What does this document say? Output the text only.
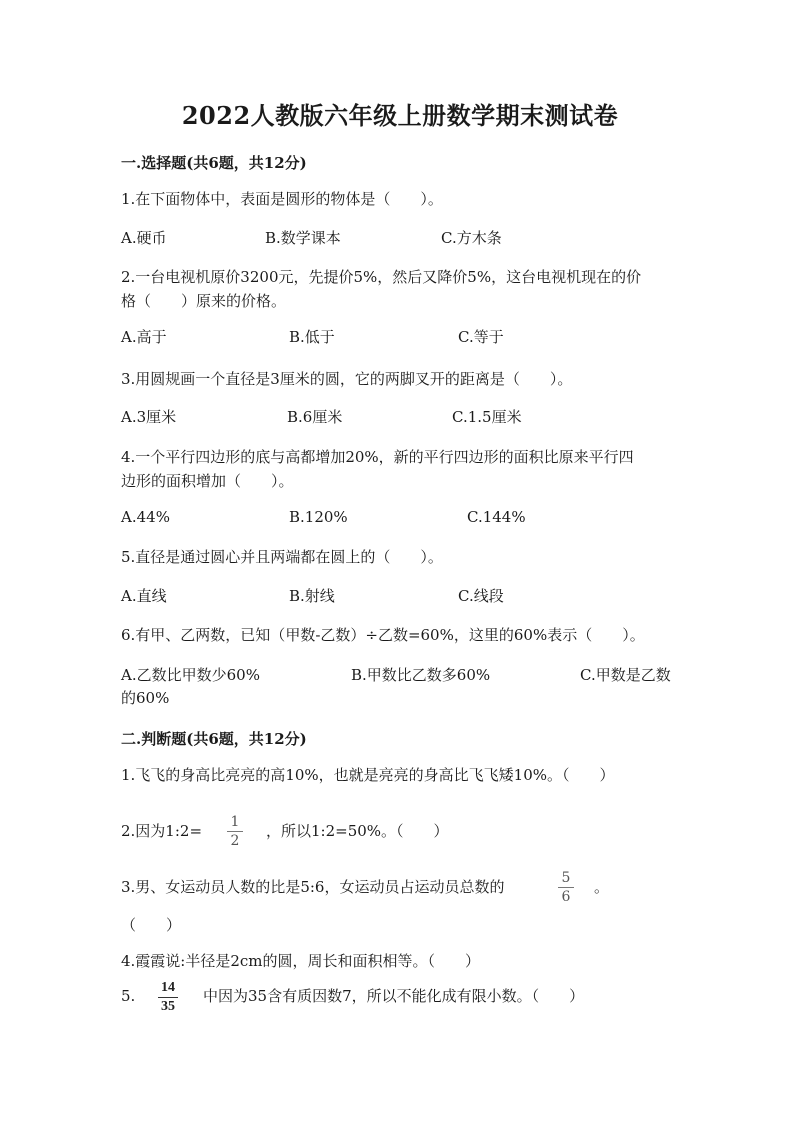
2022人教版六年级上册数学期末测试卷
一.选择题(共6题，共12分)
1.在下面物体中，表面是圆形的物体是（　　）。
A.硬币	B.数学课本	C.方木条
2.一台电视机原价3200元，先提价5%，然后又降价5%，这台电视机现在的价
格（　　）原来的价格。
A.高于	B.低于	C.等于
3.用圆规画一个直径是3厘米的圆，它的两脚叉开的距离是（　　）。
A.3厘米	B.6厘米	C.1.5厘米
4.一个平行四边形的底与高都增加20%，新的平行四边形的面积比原来平行四
边形的面积增加（　　）。
A.44%	B.120%	C.144%
5.直径是通过圆心并且两端都在圆上的（　　）。
A.直线	B.射线	C.线段
6.有甲、乙两数，已知（甲数-乙数）÷乙数=60%，这里的60%表示（　　）。
A.乙数比甲数少60%	B.甲数比乙数多60%	C.甲数是乙数
的60%
二.判断题(共6题，共12分)
1.飞飞的身高比亮亮的高10%，也就是亮亮的身高比飞飞矮10%。（　　）
2.因为1:2= 1
2
，所以1:2=50%。（　　）
3.男、女运动员人数的比是5:6，女运动员占运动员总数的	5
6
。
（　　）
4.霞霞说:半径是2cm的圆，周长和面积相等。（　　）
5. 14
35
中因为35含有质因数7，所以不能化成有限小数。（　　）
